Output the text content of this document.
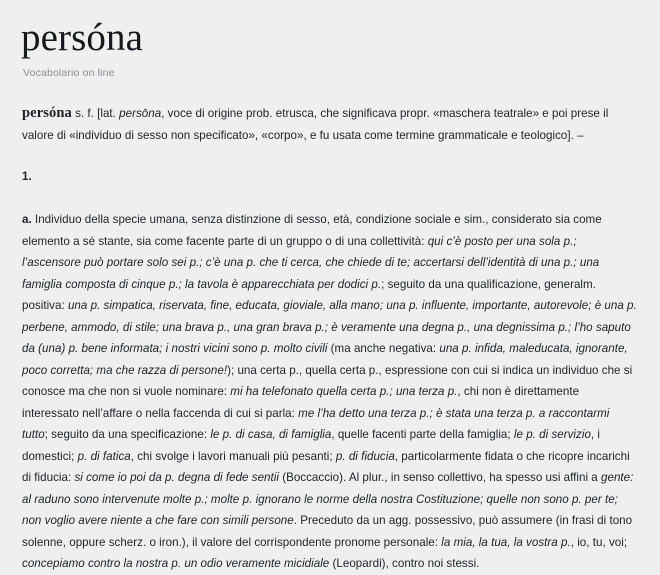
persóna
Vocabolario on line

persóna s. f. [lat. persōna, voce di origine prob. etrusca, che significava propr. «maschera teatrale» e poi prese il valore di «individuo di sesso non specificato», «corpo», e fu usata come termine grammaticale e teologico]. –

1.

a. Individuo della specie umana, senza distinzione di sesso, età, condizione sociale e sim., considerato sia come elemento a sé stante, sia come facente parte di un gruppo o di una collettività: qui c’è posto per una sola p.; l’ascensore può portare solo sei p.; c’è una p. che ti cerca, che chiede di te; accertarsi dell’identità di una p.; una famiglia composta di cinque p.; la tavola è apparecchiata per dodici p.; seguito da una qualificazione, generalm. positiva: una p. simpatica, riservata, fine, educata, gioviale, alla mano; una p. influente, importante, autorevole; è una p. perbene, ammodo, di stile; una brava p., una gran brava p.; è veramente una degna p., una degnissima p.; l’ho saputo da (una) p. bene informata; i nostri vicini sono p. molto civili (ma anche negativa: una p. infida, maleducata, ignorante, poco corretta; ma che razza di persone!); una certa p., quella certa p., espressione con cui si indica un individuo che si conosce ma che non si vuole nominare: mi ha telefonato quella certa p.; una terza p., chi non è direttamente interessato nell’affare o nella faccenda di cui si parla: me l’ha detto una terza p.; è stata una terza p. a raccontarmi tutto; seguito da una specificazione: le p. di casa, di famiglia, quelle facenti parte della famiglia; le p. di servizio, i domestici; p. di fatica, chi svolge i lavori manuali più pesanti; p. di fiducia, particolarmente fidata o che ricopre incarichi di fiducia: si come io poi da p. degna di fede sentii (Boccaccio). Al plur., in senso collettivo, ha spesso usi affini a gente: al raduno sono intervenute molte p.; molte p. ignorano le norme della nostra Costituzione; quelle non sono p. per te; non voglio avere niente a che fare con simili persone. Preceduto da un agg. possessivo, può assumere (in frasi di tono solenne, oppure scherz. o iron.), il valore del corrispondente pronome personale: la mia, la tua, la vostra p., io, tu, voi; concepiamo contro la nostra p. un odio veramente micidiale (Leopardi), contro noi stessi.
